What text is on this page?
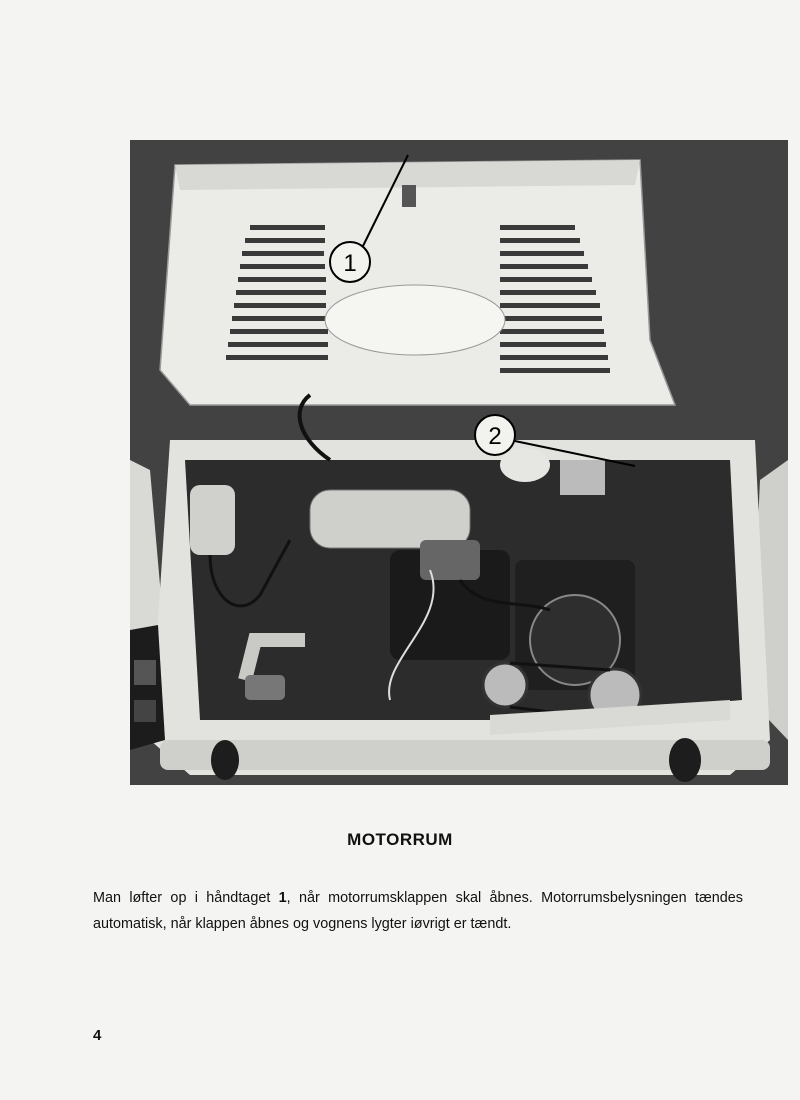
1
2
MOTORRUM
Man løfter op i håndtaget 1, når motorrumsklappen skal åbnes. Motorrumsbelysningen tændes automatisk, når klappen åbnes og vognens lygter iøvrigt er tændt.
4
